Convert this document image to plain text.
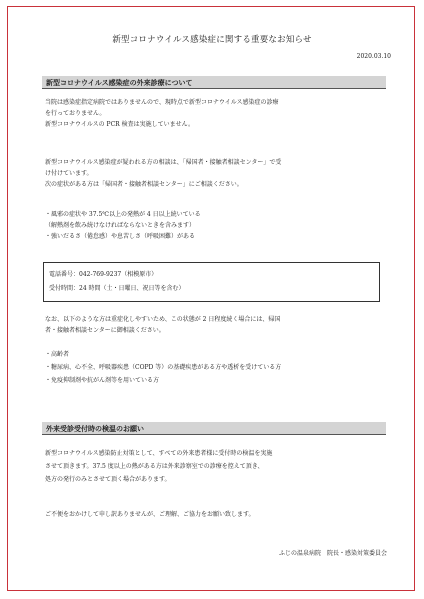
新型コロナウイルス感染症に関する重要なお知らせ
2020.03.10
新型コロナウイルス感染症の外来診療について
当院は感染症指定病院ではありませんので、現時点で新型コロナウイルス感染症の診療
を行っておりません。
新型コロナウイルスの PCR 検査は実施していません。
新型コロナウイルス感染症が疑われる方の相談は、「帰国者・接触者相談センター」で受
け付けています。
次の症状がある方は「帰国者・接触者相談センター」にご相談ください。
・風邪の症状や 37.5℃以上の発熱が 4 日以上続いている
（解熱剤を飲み続けなければならないときを含みます）
・強いだるさ（倦怠感）や息苦しさ（呼吸困難）がある
電話番号：042-769-9237（相模原市）
受付時間：24 時間（土・日曜日、祝日等を含む）
なお、以下のような方は重症化しやすいため、この状態が 2 日程度続く場合には、帰国
者・接触者相談センターに御相談ください。
・高齢者
・糖尿病、心不全、呼吸器疾患（COPD 等）の基礎疾患がある方や透析を受けている方
・免疫抑制剤や抗がん剤等を用いている方
外来受診受付時の検温のお願い
新型コロナウイルス感染防止対策として、すべての外来患者様に受付時の検温を実施
させて頂きます。37.5 度以上の熱がある方は外来診察室での診療を控えて頂き、
処方の発行のみとさせて頂く場合があります。
ご不便をおかけして申し訳ありませんが、ご理解、ご協力をお願い致します。
ふじの温泉病院　院長・感染対策委員会
